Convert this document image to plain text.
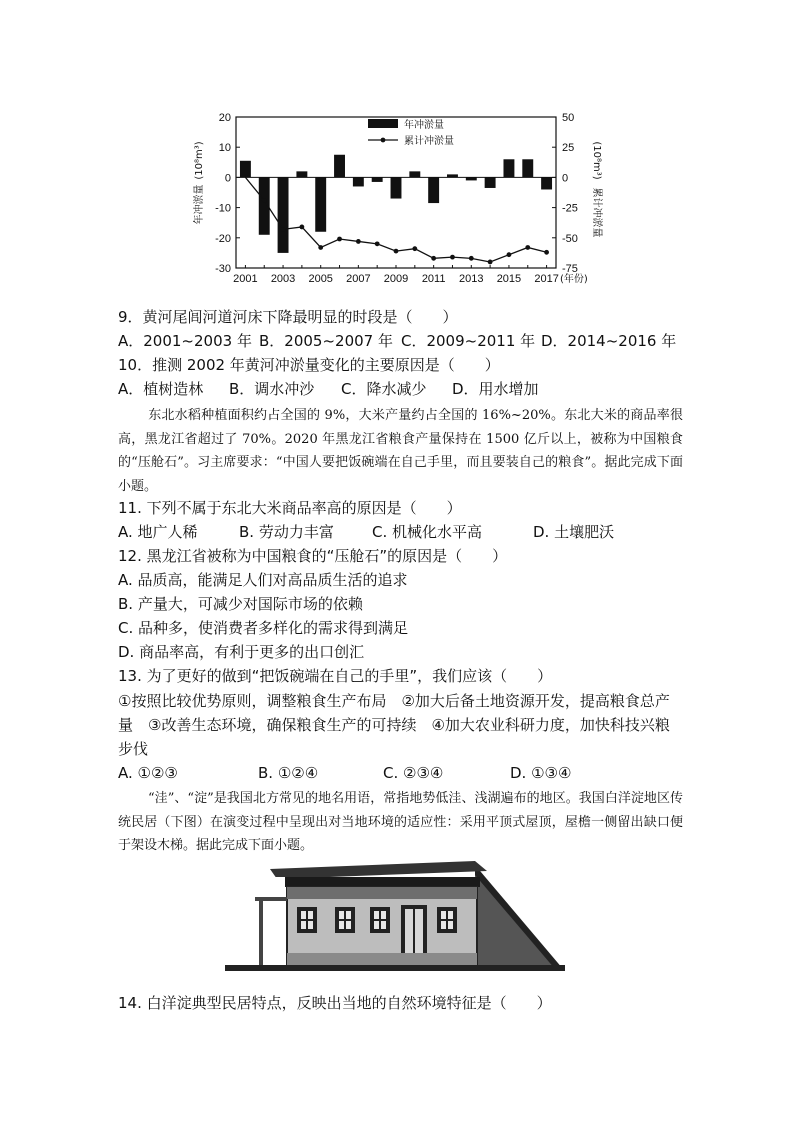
20
10
0
-10
-20
-30
50
25
0
-25
-50
-75
2001 2003 2005 2007 2009 2011 2013 2015 2017 (年份)
年冲淤量
(10⁸m³)
累计冲淤量
(10⁸m³)
年冲淤量
累计冲淤量
9．黄河尾闾河道河床下降最明显的时段是（　　）
A．2001~2003 年 B．2005~2007 年 C．2009~2011 年 D．2014~2016 年
10．推测 2002 年黄河冲淤量变化的主要原因是（　　）
A．植树造林 B．调水冲沙 C．降水减少 D．用水增加
东北水稻种植面积约占全国的 9%，大米产量约占全国的 16%~20%。东北大米的商品率很高，黑龙江省超过了 70%。2020 年黑龙江省粮食产量保持在 1500 亿斤以上，被称为中国粮食的“压舱石”。习主席要求：“中国人要把饭碗端在自己手里，而且要装自己的粮食”。据此完成下面小题。
11. 下列不属于东北大米商品率高的原因是（　　）
A. 地广人稀	B. 劳动力丰富	C. 机械化水平高	D. 土壤肥沃
12. 黑龙江省被称为中国粮食的“压舱石”的原因是（　　）
A. 品质高，能满足人们对高品质生活的追求
B. 产量大，可减少对国际市场的依赖
C. 品种多，使消费者多样化的需求得到满足
D. 商品率高，有利于更多的出口创汇
13. 为了更好的做到“把饭碗端在自己的手里”，我们应该（　　）
①按照比较优势原则，调整粮食生产布局　②加大后备土地资源开发，提高粮食总产量　③改善生态环境，确保粮食生产的可持续　④加大农业科研力度，加快科技兴粮步伐
A. ①②③	B. ①②④	C. ②③④	D. ①③④
“洼”、“淀”是我国北方常见的地名用语，常指地势低洼、浅湖遍布的地区。我国白洋淀地区传统民居（下图）在演变过程中呈现出对当地环境的适应性：采用平顶式屋顶，屋檐一侧留出缺口便于架设木梯。据此完成下面小题。
14. 白洋淀典型民居特点，反映出当地的自然环境特征是（　　）
